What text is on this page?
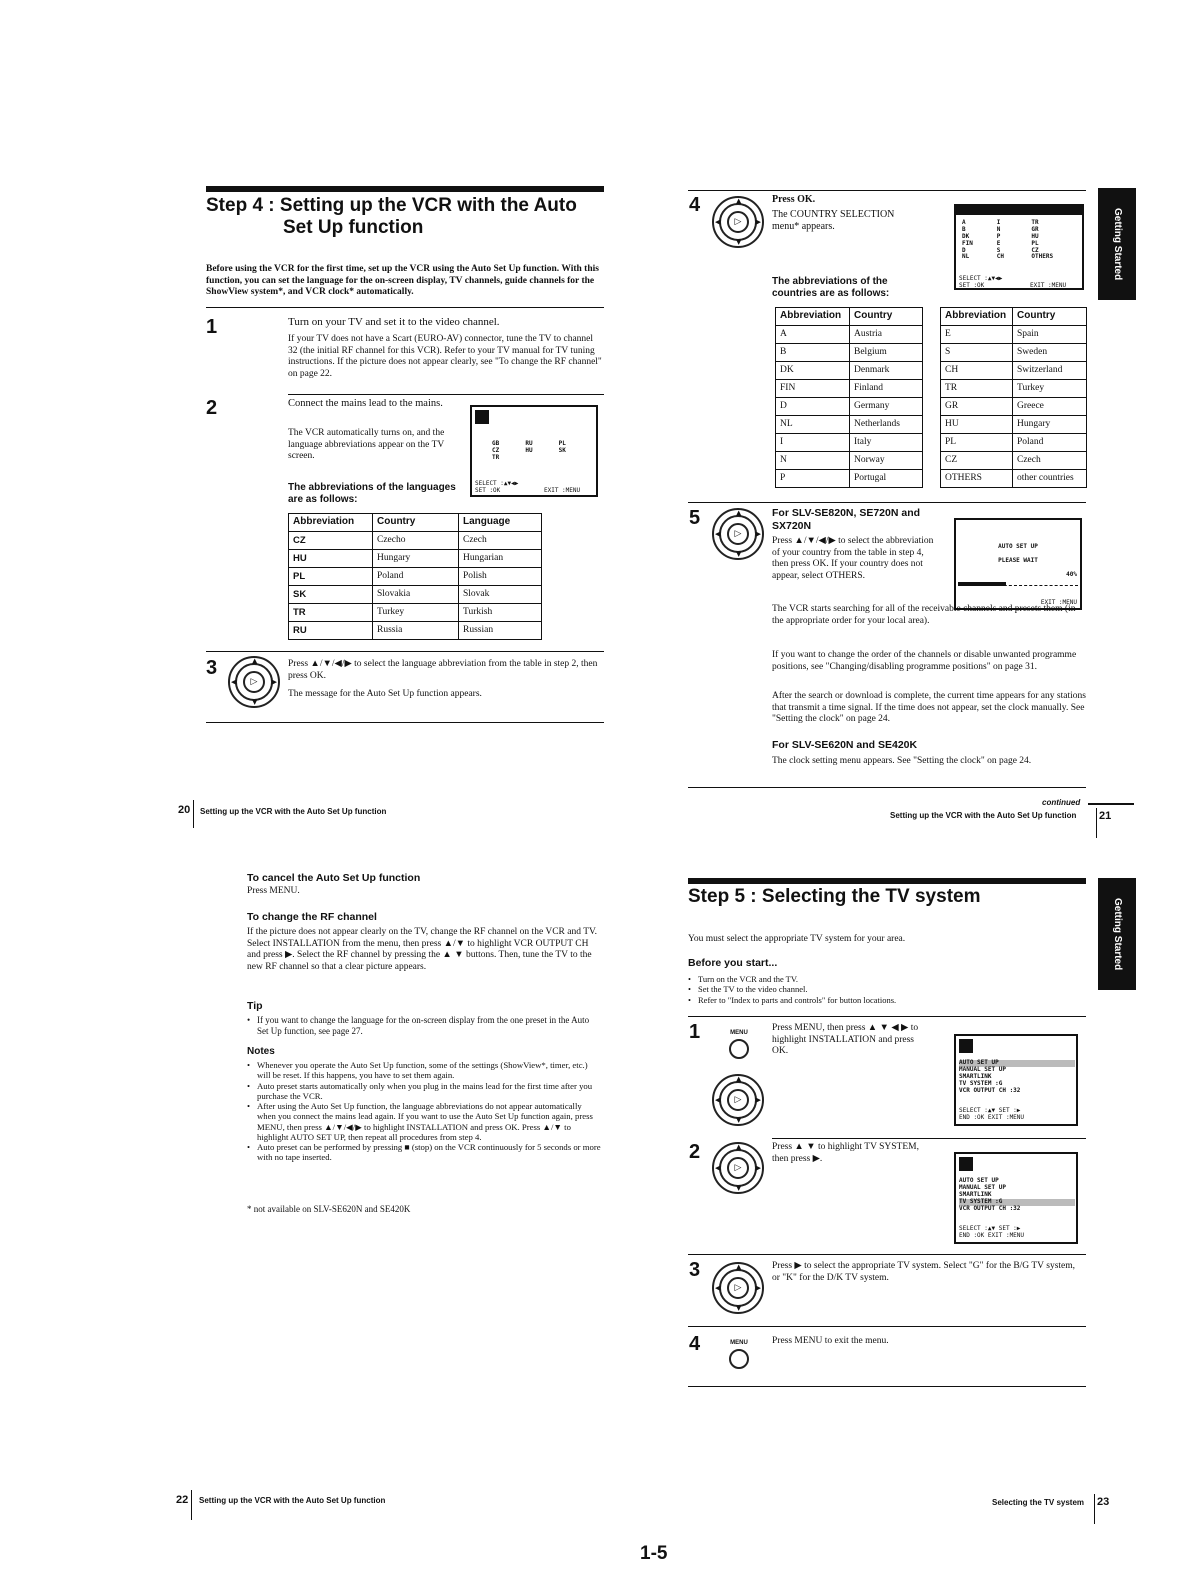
Step 4 : Setting up the VCR with the Auto
Set Up function
Before using the VCR for the first time, set up the VCR using the Auto Set Up function. With this function, you can set the language for the on-screen display, TV channels, guide channels for the ShowView system*, and VCR clock* automatically.
1	Turn on your TV and set it to the video channel.
If your TV does not have a Scart (EURO-AV) connector, tune the TV to channel 32 (the initial RF channel for this VCR). Refer to your TV manual for TV tuning instructions. If the picture does not appear clearly, see "To change the RF channel" on page 22.
2	Connect the mains lead to the mains.
The VCR automatically turns on, and the language abbreviations appear on the TV screen.
The abbreviations of the languages are as follows:
GB	RU	PL
CZ	HU	SK
TR
SELECT :▲▼◀▶
SET :OK	EXIT :MENU
Abbreviation	Country	Language
CZ	Czecho	Czech
HU	Hungary	Hungarian
PL	Poland	Polish
SK	Slovakia	Slovak
TR	Turkey	Turkish
RU	Russia	Russian
3
▷
▲
▼
◀	▶
Press ▲/▼/◀/▶ to select the language abbreviation from the table in step 2, then press OK.
The message for the Auto Set Up function appears.
20 Setting up the VCR with the Auto Set Up function
Getting Started
4
▷
▲
▼
◀	▶
Press OK.
The COUNTRY SELECTION menu* appears.
The abbreviations of the countries are as follows:
A	I	TR
B	N	GR
DK	P	HU
FIN	E	PL
D	S	CZ
NL	CH	OTHERS
SELECT :▲▼◀▶
SET :OK	EXIT :MENU
Abbreviation	Country
A	Austria
B	Belgium
DK	Denmark
FIN	Finland
D	Germany
NL	Netherlands
I	Italy
N	Norway
P	Portugal
Abbreviation	Country
E	Spain
S	Sweden
CH	Switzerland
TR	Turkey
GR	Greece
HU	Hungary
PL	Poland
CZ	Czech
OTHERS	other countries
5
▷
▲
▼
◀	▶
For SLV-SE820N, SE720N and SX720N
Press ▲/▼/◀/▶ to select the abbreviation of your country from the table in step 4, then press OK. If your country does not appear, select OTHERS.
AUTO SET UP
PLEASE WAIT
40%
EXIT :MENU
The VCR starts searching for all of the receivable channels and presets them (in the appropriate order for your local area).
If you want to change the order of the channels or disable unwanted programme positions, see "Changing/disabling programme positions" on page 31.
After the search or download is complete, the current time appears for any stations that transmit a time signal. If the time does not appear, set the clock manually. See "Setting the clock" on page 24.
For SLV-SE620N and SE420K
The clock setting menu appears. See "Setting the clock" on page 24.
continued
Setting up the VCR with the Auto Set Up function 21
To cancel the Auto Set Up function
Press MENU.
To change the RF channel
If the picture does not appear clearly on the TV, change the RF channel on the VCR and TV. Select INSTALLATION from the menu, then press ▲/▼ to highlight VCR OUTPUT CH and press ▶. Select the RF channel by pressing the ▲ ▼ buttons. Then, tune the TV to the new RF channel so that a clear picture appears.
Tip
• If you want to change the language for the on-screen display from the one preset in the Auto Set Up function, see page 27.
Notes
• Whenever you operate the Auto Set Up function, some of the settings (ShowView*, timer, etc.) will be reset. If this happens, you have to set them again.
• Auto preset starts automatically only when you plug in the mains lead for the first time after you purchase the VCR.
• After using the Auto Set Up function, the language abbreviations do not appear automatically when you connect the mains lead again. If you want to use the Auto Set Up function again, press MENU, then press ▲/▼/◀/▶ to highlight INSTALLATION and press OK. Press ▲/▼ to highlight AUTO SET UP, then repeat all procedures from step 4.
• Auto preset can be performed by pressing ■ (stop) on the VCR continuously for 5 seconds or more with no tape inserted.
* not available on SLV-SE620N and SE420K
22 Setting up the VCR with the Auto Set Up function
Getting Started
Step 5 : Selecting the TV system
You must select the appropriate TV system for your area.
Before you start...
• Turn on the VCR and the TV.
• Set the TV to the video channel.
• Refer to "Index to parts and controls" for button locations.
1	MENU
▷
▲
▼
◀	▶
Press MENU, then press ▲ ▼ ◀ ▶ to highlight INSTALLATION and press OK.
AUTO SET UP
MANUAL SET UP
SMARTLINK
TV SYSTEM :G
VCR OUTPUT CH :32
SELECT :▲▼ SET :▶
END :OK EXIT :MENU
2
▷
▲
▼
◀	▶
Press ▲ ▼ to highlight TV SYSTEM, then press ▶.
AUTO SET UP
MANUAL SET UP
SMARTLINK
TV SYSTEM :G
VCR OUTPUT CH :32
SELECT :▲▼ SET :▶
END :OK EXIT :MENU
3
▷
▲
▼
◀	▶
Press ▶ to select the appropriate TV system. Select "G" for the B/G TV system, or "K" for the D/K TV system.
4	MENU	Press MENU to exit the menu.
Selecting the TV system 23
1-5
